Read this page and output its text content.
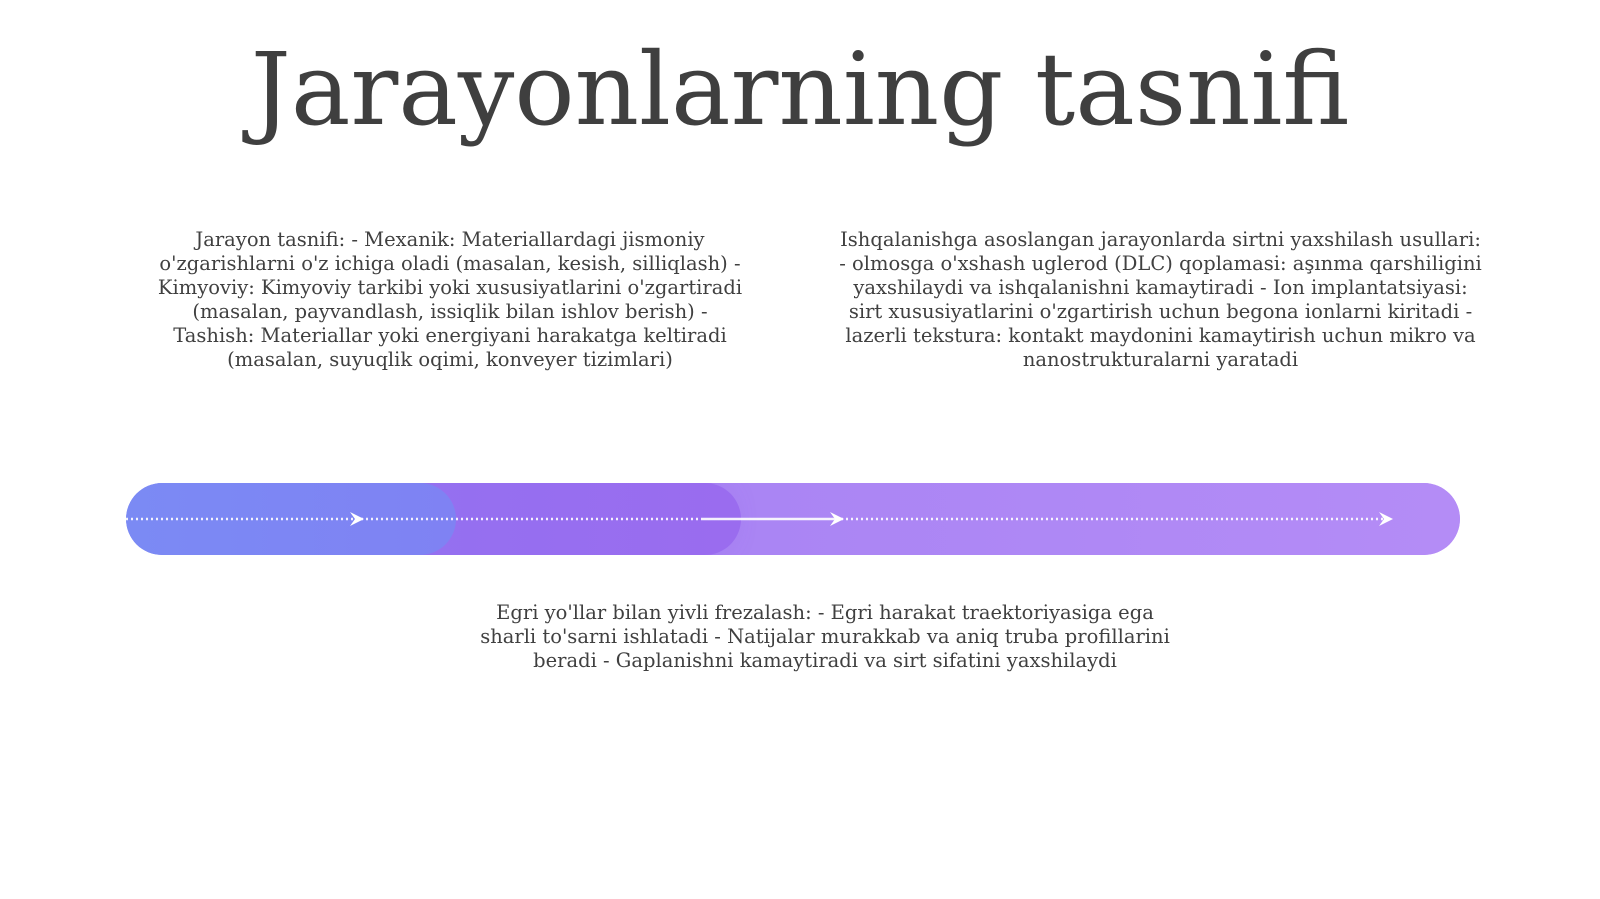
Jarayonlarning tasnifi
Jarayon tasnifi: - Mexanik: Materiallardagi jismoniy o'zgarishlarni o'z ichiga oladi (masalan, kesish, silliqlash) - Kimyoviy: Kimyoviy tarkibi yoki xususiyatlarini o'zgartiradi (masalan, payvandlash, issiqlik bilan ishlov berish) - Tashish: Materiallar yoki energiyani harakatga keltiradi (masalan, suyuqlik oqimi, konveyer tizimlari)
Ishqalanishga asoslangan jarayonlarda sirtni yaxshilash usullari: - olmosga o'xshash uglerod (DLC) qoplamasi: aşınma qarshiligini yaxshilaydi va ishqalanishni kamaytiradi - Ion implantatsiyasi: sirt xususiyatlarini o'zgartirish uchun begona ionlarni kiritadi - lazerli tekstura: kontakt maydonini kamaytirish uchun mikro va nanostrukturalarni yaratadi
Egri yo'llar bilan yivli frezalash: - Egri harakat traektoriyasiga ega sharli to'sarni ishlatadi - Natijalar murakkab va aniq truba profillarini beradi - Gaplanishni kamaytiradi va sirt sifatini yaxshilaydi
